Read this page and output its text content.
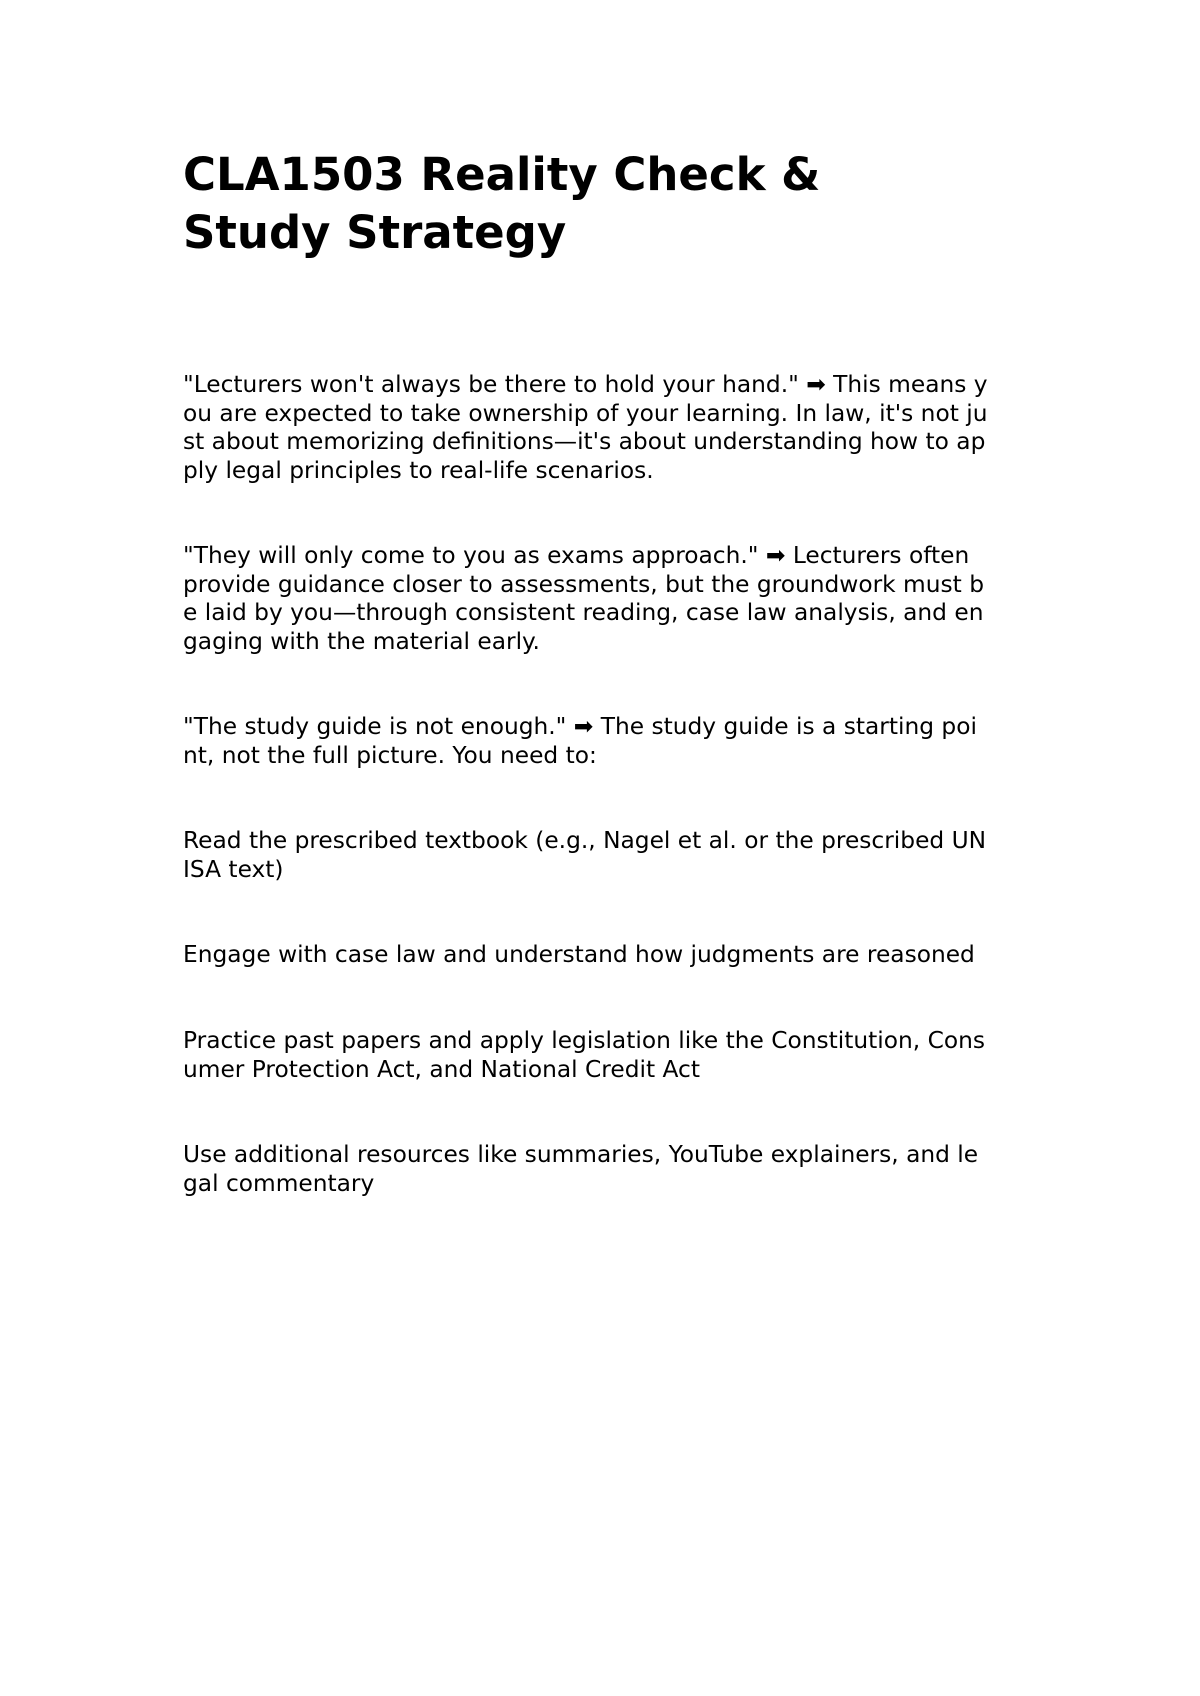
CLA1503 Reality Check &
Study Strategy

"Lecturers won't always be there to hold your hand." ➡ This means y
ou are expected to take ownership of your learning. In law, it's not ju
st about memorizing definitions—it's about understanding how to ap
ply legal principles to real-life scenarios.

"They will only come to you as exams approach." ➡ Lecturers often
provide guidance closer to assessments, but the groundwork must b
e laid by you—through consistent reading, case law analysis, and en
gaging with the material early.

"The study guide is not enough." ➡ The study guide is a starting poi
nt, not the full picture. You need to:

Read the prescribed textbook (e.g., Nagel et al. or the prescribed UN
ISA text)

Engage with case law and understand how judgments are reasoned

Practice past papers and apply legislation like the Constitution, Cons
umer Protection Act, and National Credit Act

Use additional resources like summaries, YouTube explainers, and le
gal commentary
